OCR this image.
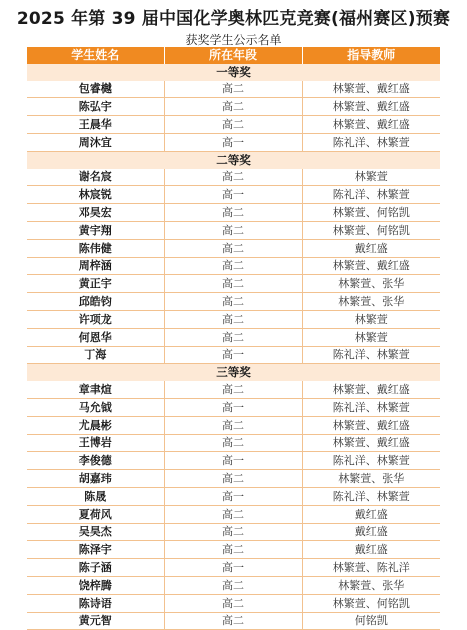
2025 年第 39 届中国化学奥林匹克竞赛(福州赛区)预赛
获奖学生公示名单
学生姓名	所在年段	指导教师
一等奖		
包睿樾	高二	林繁萱、戴红盛
陈弘宇	高二	林繁萱、戴红盛
王晨华	高二	林繁萱、戴红盛
周沐宜	高一	陈礼洋、林繁萱
二等奖		
谢名宸	高二	林繁萱
林宸锐	高一	陈礼洋、林繁萱
邓昊宏	高二	林繁萱、何铭凯
黄宇翔	高二	林繁萱、何铭凯
陈伟健	高二	戴红盛
周梓涵	高二	林繁萱、戴红盛
黄正宇	高二	林繁萱、张华
邱皓钧	高二	林繁萱、张华
许项龙	高二	林繁萱
何恩华	高二	林繁萱
丁海	高一	陈礼洋、林繁萱
三等奖		
章聿煊	高二	林繁萱、戴红盛
马允钺	高一	陈礼洋、林繁萱
尤晨彬	高二	林繁萱、戴红盛
王博岩	高二	林繁萱、戴红盛
李俊德	高一	陈礼洋、林繁萱
胡嘉玮	高二	林繁萱、张华
陈晟	高一	陈礼洋、林繁萱
夏荷风	高二	戴红盛
吴昊杰	高二	戴红盛
陈泽宇	高二	戴红盛
陈子涵	高一	林繁萱、陈礼洋
饶梓腾	高二	林繁萱、张华
陈诗语	高二	林繁萱、何铭凯
黄元智	高二	何铭凯
